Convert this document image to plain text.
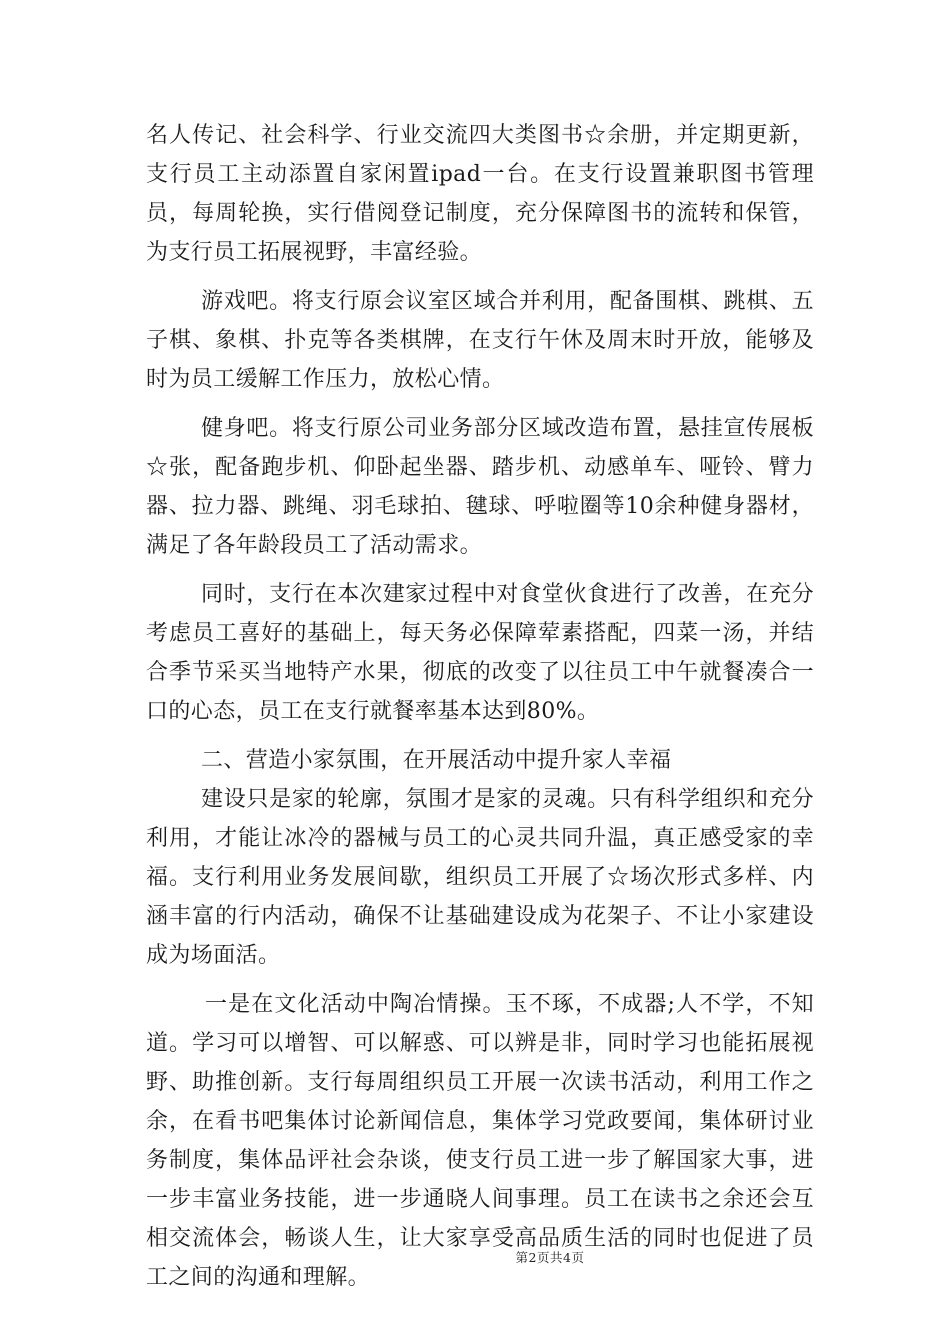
名人传记、社会科学、行业交流四大类图书☆余册，并定期更新，支行员工主动添置自家闲置ipad一台。在支行设置兼职图书管理员，每周轮换，实行借阅登记制度，充分保障图书的流转和保管，为支行员工拓展视野，丰富经验。

游戏吧。将支行原会议室区域合并利用，配备围棋、跳棋、五子棋、象棋、扑克等各类棋牌，在支行午休及周末时开放，能够及时为员工缓解工作压力，放松心情。

健身吧。将支行原公司业务部分区域改造布置，悬挂宣传展板☆张，配备跑步机、仰卧起坐器、踏步机、动感单车、哑铃、臂力器、拉力器、跳绳、羽毛球拍、毽球、呼啦圈等10余种健身器材，满足了各年龄段员工了活动需求。

同时，支行在本次建家过程中对食堂伙食进行了改善，在充分考虑员工喜好的基础上，每天务必保障荤素搭配，四菜一汤，并结合季节采买当地特产水果，彻底的改变了以往员工中午就餐凑合一口的心态，员工在支行就餐率基本达到80%。

二、营造小家氛围，在开展活动中提升家人幸福

建设只是家的轮廓，氛围才是家的灵魂。只有科学组织和充分利用，才能让冰冷的器械与员工的心灵共同升温，真正感受家的幸福。支行利用业务发展间歇，组织员工开展了☆场次形式多样、内涵丰富的行内活动，确保不让基础建设成为花架子、不让小家建设成为场面活。

一是在文化活动中陶冶情操。玉不琢，不成器;人不学，不知道。学习可以增智、可以解惑、可以辨是非，同时学习也能拓展视野、助推创新。支行每周组织员工开展一次读书活动，利用工作之余，在看书吧集体讨论新闻信息，集体学习党政要闻，集体研讨业务制度，集体品评社会杂谈，使支行员工进一步了解国家大事，进一步丰富业务技能，进一步通晓人间事理。员工在读书之余还会互相交流体会，畅谈人生，让大家享受高品质生活的同时也促进了员工之间的沟通和理解。

第2页共4页
